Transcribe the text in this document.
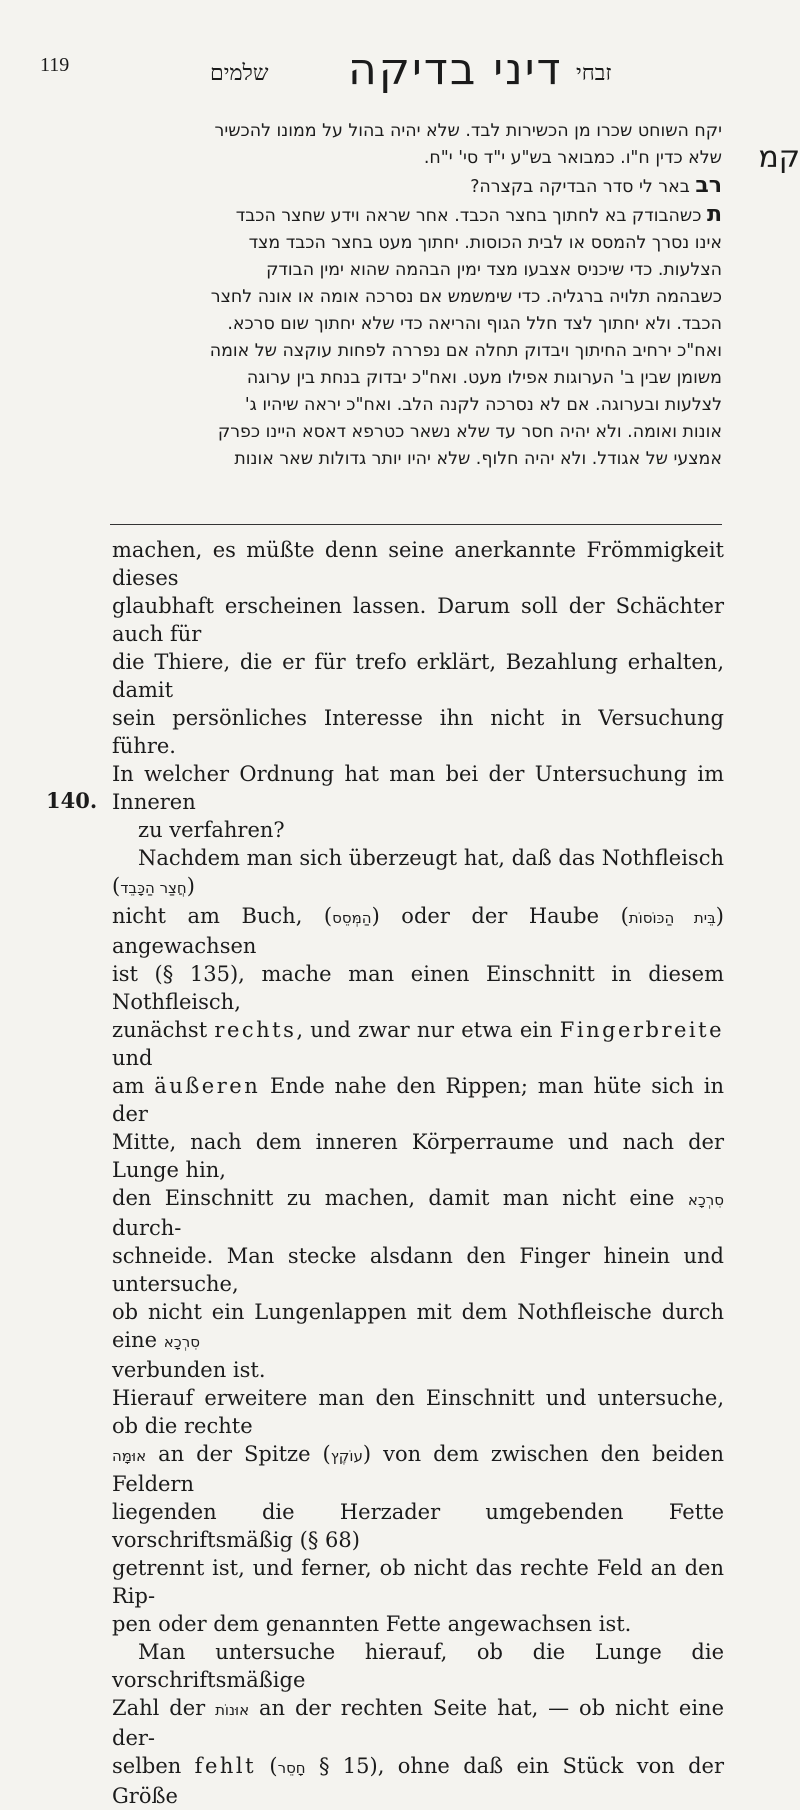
119	שלמים דיני בדיקה זבחי
קמ

יקח השוחט שכרו מן הכשירות לבד. שלא יהיה בהול על ממונו להכשיר

שלא כדין ח"ו. כמבואר בש"ע י"ד סי' י"ח.

רב באר לי סדר הבדיקה בקצרה?

ת כשהבודק בא לחתוך בחצר הכבד. אחר שראה וידע שחצר הכבד

אינו נסרך להמסס או לבית הכוסות. יחתוך מעט בחצר הכבד מצד

הצלעות. כדי שיכניס אצבעו מצד ימין הבהמה שהוא ימין הבודק

כשבהמה תלויה ברגליה. כדי שימשמש אם נסרכה אומה או אונה לחצר

הכבד. ולא יחתוך לצד חלל הגוף והריאה כדי שלא יחתוך שום סרכא.

ואח"כ ירחיב החיתוך ויבדוק תחלה אם נפררה לפחות עוקצה של אומה

משומן שבין ב' הערוגות אפילו מעט. ואח"כ יבדוק בנחת בין ערוגה

לצלעות ובערוגה. אם לא נסרכה לקנה הלב. ואח"כ יראה שיהיו ג'

אונות ואומה. ולא יהיה חסר עד שלא נשאר כטרפא דאסא היינו כפרק

אמצעי של אגודל. ולא יהיה חלוף. שלא יהיו יותר גדולות שאר אונות

machen, es müßte denn seine anerkannte Frömmigkeit dieses

glaubhaft erscheinen lassen. Darum soll der Schächter auch für

die Thiere, die er für trefo erklärt, Bezahlung erhalten, damit

sein persönliches Interesse ihn nicht in Versuchung führe.

In welcher Ordnung hat man bei der Untersuchung im Inneren

zu verfahren?

Nachdem man sich überzeugt hat, daß das Nothfleisch (חֲצַר הַכָּבֵד)

nicht am Buch, (הַמְּסֵס) oder der Haube (בֵּית הַכּוֹסוֹת) angewachsen

ist (§ 135), mache man einen Einschnitt in diesem Nothfleisch,

zunächst rechts, und zwar nur etwa ein Fingerbreite und

am äußeren Ende nahe den Rippen; man hüte sich in der

Mitte, nach dem inneren Körperraume und nach der Lunge hin,

den Einschnitt zu machen, damit man nicht eine סִרְכָא durch-

schneide. Man stecke alsdann den Finger hinein und untersuche,

ob nicht ein Lungenlappen mit dem Nothfleische durch eine סִרְכָא

verbunden ist.

Hierauf erweitere man den Einschnitt und untersuche, ob die rechte

אוּמָּה an der Spitze (עוֹקֶץ) von dem zwischen den beiden Feldern

liegenden die Herzader umgebenden Fette vorschriftsmäßig (§ 68)

getrennt ist, und ferner, ob nicht das rechte Feld an den Rip-

pen oder dem genannten Fette angewachsen ist.

Man untersuche hierauf, ob die Lunge die vorschriftsmäßige

Zahl der אוּנוֹת an der rechten Seite hat, — ob nicht eine der-

selben fehlt (חָסֵר § 15), ohne daß ein Stück von der Größe

140.
